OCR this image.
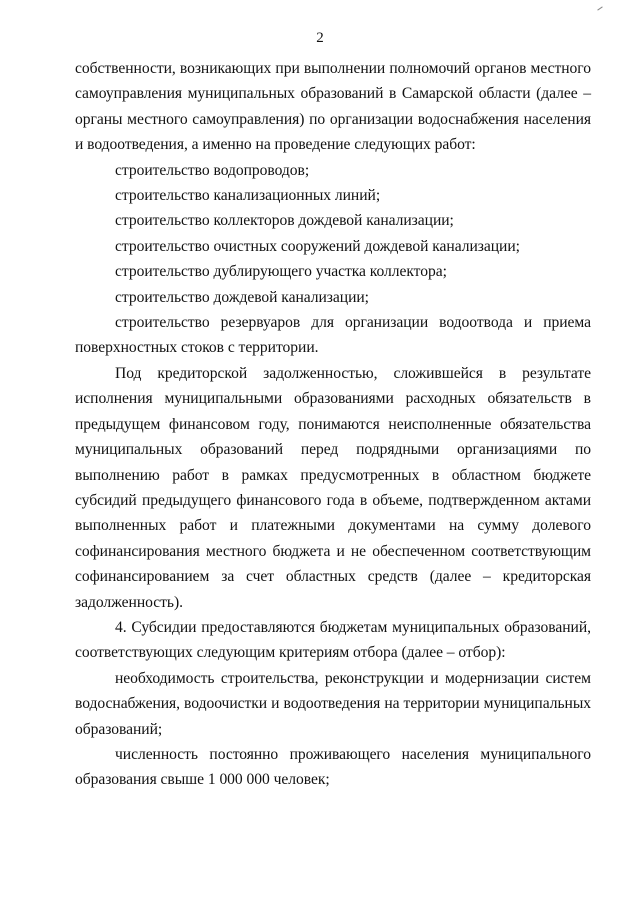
2

собственности, возникающих при выполнении полномочий органов местного самоуправления муниципальных образований в Самарской области (далее – органы местного самоуправления) по организации водоснабжения населения и водоотведения, а именно на проведение следующих работ:

строительство водопроводов;

строительство канализационных линий;

строительство коллекторов дождевой канализации;

строительство очистных сооружений дождевой канализации;

строительство дублирующего участка коллектора;

строительство дождевой канализации;

строительство резервуаров для организации водоотвода и приема поверхностных стоков с территории.

Под кредиторской задолженностью, сложившейся в результате исполнения муниципальными образованиями расходных обязательств в предыдущем финансовом году, понимаются неисполненные обязательства муниципальных образований перед подрядными организациями по выполнению работ в рамках предусмотренных в областном бюджете субсидий предыдущего финансового года в объеме, подтвержденном актами выполненных работ и платежными документами на сумму долевого софинансирования местного бюджета и не обеспеченном соответствующим софинансированием за счет областных средств (далее – кредиторская задолженность).

4. Субсидии предоставляются бюджетам муниципальных образований, соответствующих следующим критериям отбора (далее – отбор):

необходимость строительства, реконструкции и модернизации систем водоснабжения, водоочистки и водоотведения на территории муниципальных образований;

численность постоянно проживающего населения муниципального образования свыше 1 000 000 человек;
